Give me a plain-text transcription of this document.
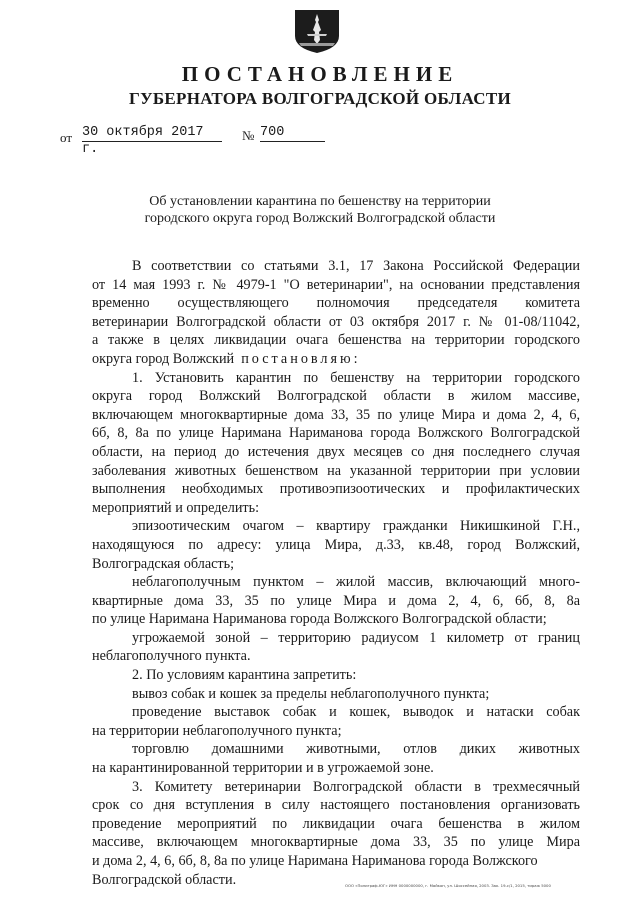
ПОСТАНОВЛЕНИЕ
ГУБЕРНАТОРА ВОЛГОГРАДСКОЙ ОБЛАСТИ
от 30 октября 2017 г.
№ 700
Об установлении карантина по бешенству на территории
городского округа город Волжский Волгоградской области
В соответствии со статьями 3.1, 17 Закона Российской Федерации
от 14 мая 1993 г. № 4979-1 "О ветеринарии", на основании представления
временно осуществляющего полномочия председателя комитета
ветеринарии Волгоградской области от 03 октября 2017 г. № 01-08/11042,
а также в целях ликвидации очага бешенства на территории городского
округа город Волжский постановляю:
1. Установить карантин по бешенству на территории городского
округа город Волжский Волгоградской области в жилом массиве,
включающем многоквартирные дома 33, 35 по улице Мира и дома 2, 4, 6,
6б, 8, 8а по улице Наримана Нариманова города Волжского Волгоградской
области, на период до истечения двух месяцев со дня последнего случая
заболевания животных бешенством на указанной территории при условии
выполнения необходимых противоэпизоотических и профилактических
мероприятий и определить:
эпизоотическим очагом – квартиру гражданки Никишкиной Г.Н.,
находящуюся по адресу: улица Мира, д.33, кв.48, город Волжский,
Волгоградская область;
неблагополучным пунктом – жилой массив, включающий много-
квартирные дома 33, 35 по улице Мира и дома 2, 4, 6, 6б, 8, 8а
по улице Наримана Нариманова города Волжского Волгоградской области;
угрожаемой зоной – территорию радиусом 1 километр от границ
неблагополучного пункта.
2. По условиям карантина запретить:
вывоз собак и кошек за пределы неблагополучного пункта;
проведение выставок собак и кошек, выводок и натаски собак
на территории неблагополучного пункта;
торговлю домашними животными, отлов диких животных
на карантинированной территории и в угрожаемой зоне.
3. Комитету ветеринарии Волгоградской области в трехмесячный
срок со дня вступления в силу настоящего постановления организовать
проведение мероприятий по ликвидации очага бешенства в жилом
массиве, включающем многоквартирные дома 33, 35 по улице Мира
и дома 2, 4, 6, 6б, 8, 8а по улице Наримана Нариманова города Волжского
Волгоградской области.	ООО «Полиграф-ЮГ» ИНН 0000000000, г. Майкоп, ул. Шоссейная, 2003. Зак. 19-с/1, 2015, тираж 5000
